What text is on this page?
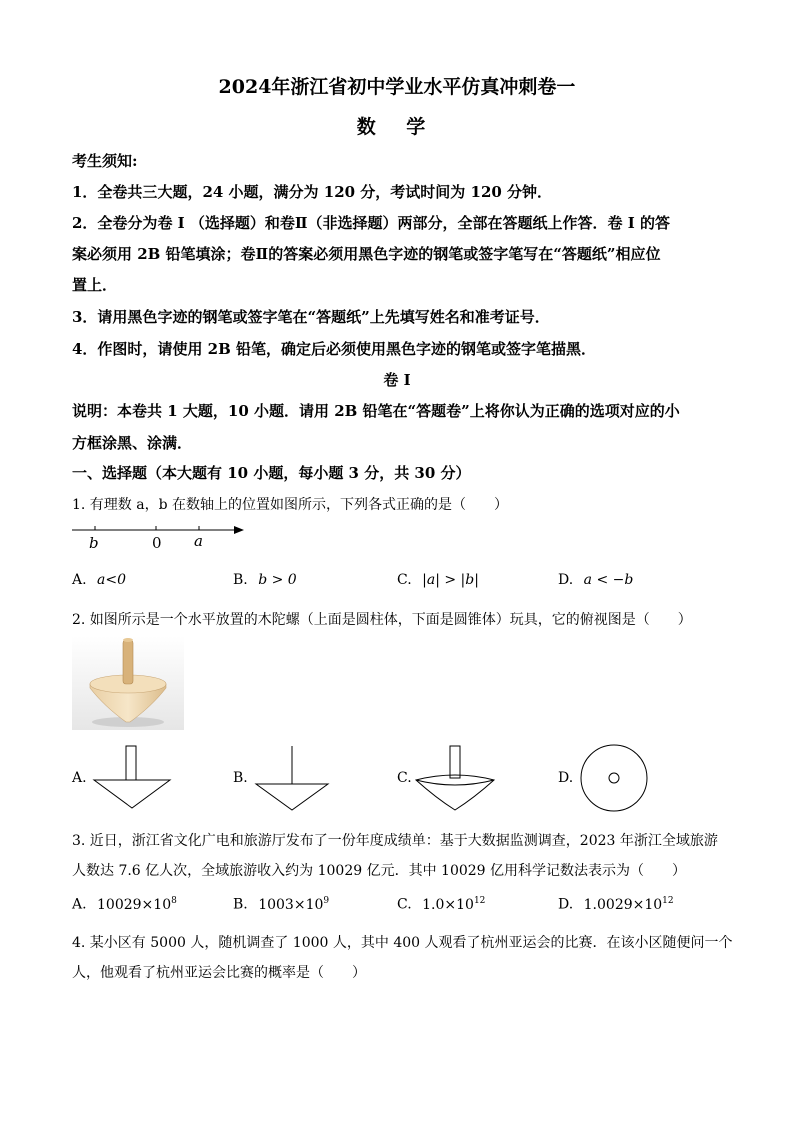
2024年浙江省初中学业水平仿真冲刺卷一
数 学
考生须知:
1．全卷共三大题，24 小题，满分为 120 分，考试时间为 120 分钟．
2．全卷分为卷 I （选择题）和卷Ⅱ（非选择题）两部分，全部在答题纸上作答．卷 I 的答
案必须用 2B 铅笔填涂；卷Ⅱ的答案必须用黑色字迹的钢笔或签字笔写在“答题纸”相应位
置上．
3．请用黑色字迹的钢笔或签字笔在“答题纸”上先填写姓名和准考证号．
4．作图时，请使用 2B 铅笔，确定后必须使用黑色字迹的钢笔或签字笔描黑．
卷 I
说明：本卷共 1 大题，10 小题．请用 2B 铅笔在“答题卷”上将你认为正确的选项对应的小
方框涂黑、涂满．
一、选择题（本大题有 10 小题，每小题 3 分，共 30 分）
1. 有理数 a，b 在数轴上的位置如图所示，下列各式正确的是（　　）
b	0 a
A. a<0	B. b > 0	C. |a| > |b|	D. a < −b
2. 如图所示是一个水平放置的木陀螺（上面是圆柱体，下面是圆锥体）玩具，它的俯视图是（　　）
A.	B.	C.	D.
3. 近日，浙江省文化广电和旅游厅发布了一份年度成绩单：基于大数据监测调查，2023 年浙江全域旅游
人数达 7.6 亿人次，全域旅游收入约为 10029 亿元．其中 10029 亿用科学记数法表示为（　　）
A. $10029\times 10^8$	B. $1003\times 10^9$	C. $1.0\times 10^{12}$	D. $1.0029\times 10^{12}$
4. 某小区有 5000 人，随机调查了 1000 人，其中 400 人观看了杭州亚运会的比赛．在该小区随便问一个
人，他观看了杭州亚运会比赛的概率是（　　）
